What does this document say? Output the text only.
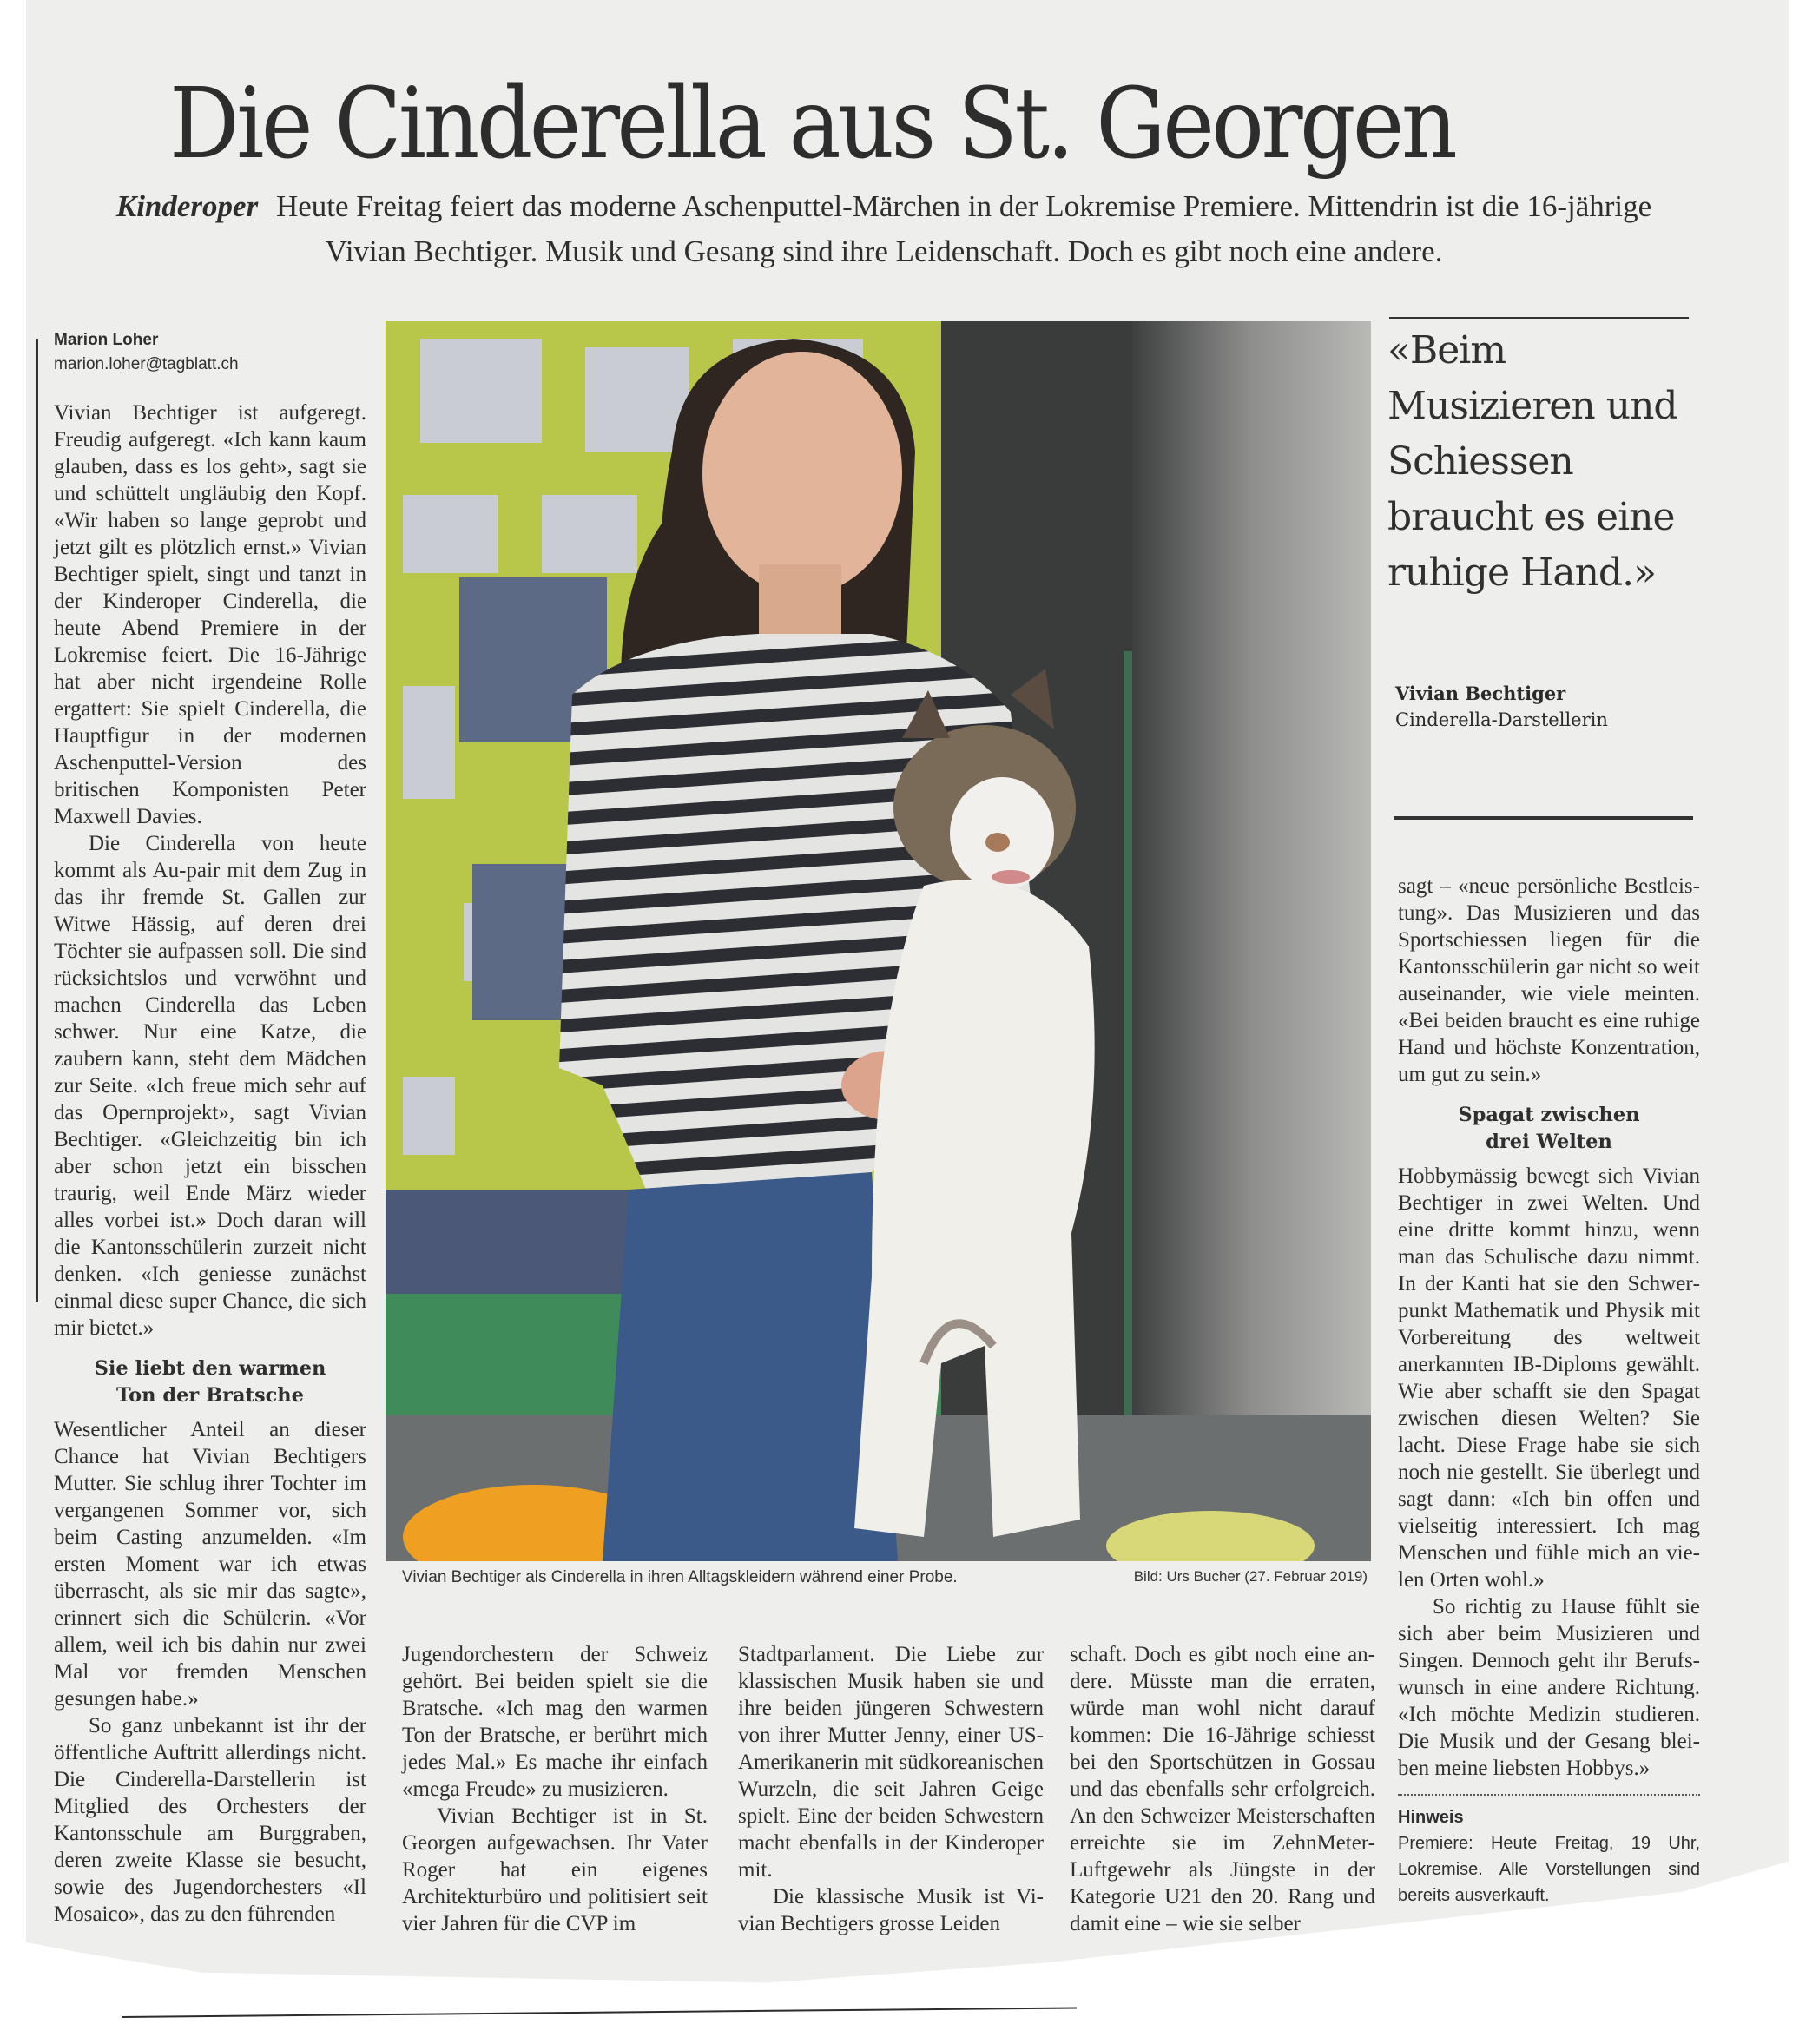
Die Cinderella aus St. Georgen
Kinderoper Heute Freitag feiert das moderne Aschenputtel-Märchen in der Lokremise Premiere. Mittendrin ist die 16-jährige Vivian Bechtiger. Musik und Gesang sind ihre Leidenschaft. Doch es gibt noch eine andere.
Marion Loher
marion.loher@tagblatt.ch

Vivian Bechtiger ist aufgeregt. Freudig aufgeregt. «Ich kann kaum glauben, dass es los geht», sagt sie und schüttelt ungläubig den Kopf. «Wir haben so lange geprobt und jetzt gilt es plötzlich ernst.» Vivian Bechtiger spielt, singt und tanzt in der Kinderoper Cinderella, die heute Abend Premiere in der Lokremise feiert. Die 16-Jährige hat aber nicht irgendeine Rolle ergattert: Sie spielt Cinderella, die Hauptfigur in der modernen Aschenputtel-Version des britischen Komponisten Peter Maxwell Davies.

Die Cinderella von heute kommt als Au-pair mit dem Zug in das ihr fremde St. Gallen zur Witwe Hässig, auf deren drei Töchter sie aufpassen soll. Die sind rücksichtslos und verwöhnt und machen Cinderella das Leben schwer. Nur eine Katze, die zaubern kann, steht dem Mädchen zur Seite. «Ich freue mich sehr auf das Opernprojekt», sagt Vivian Bechtiger. «Gleichzeitig bin ich aber schon jetzt ein bisschen traurig, weil Ende März wieder alles vorbei ist.» Doch daran will die Kantonsschülerin zurzeit nicht denken. «Ich geniesse zunächst einmal diese super Chance, die sich mir bietet.»

Sie liebt den warmen Ton der Bratsche

Wesentlicher Anteil an dieser Chance hat Vivian Bechtigers Mutter. Sie schlug ihrer Tochter im vergangenen Sommer vor, sich beim Casting anzumelden. «Im ersten Moment war ich etwas überrascht, als sie mir das sagte», erinnert sich die Schülerin. «Vor allem, weil ich bis dahin nur zwei Mal vor fremden Menschen gesungen habe.»

So ganz unbekannt ist ihr der öffentliche Auftritt allerdings nicht. Die Cinderella-Darstellerin ist Mitglied des Orchesters der Kantonsschule am Burggraben, deren zweite Klasse sie besucht, sowie des Jugendorchesters «Il Mosaico», das zu den führenden

Vivian Bechtiger als Cinderella in ihren Alltagskleidern während einer Probe.	Bild: Urs Bucher (27. Februar 2019)

Jugendorchestern der Schweiz gehört. Bei beiden spielt sie die Bratsche. «Ich mag den warmen Ton der Bratsche, er berührt mich jedes Mal.» Es mache ihr einfach «mega Freude» zu musizieren.

Vivian Bechtiger ist in St. Georgen aufgewachsen. Ihr Vater Roger hat ein eigenes Architekturbüro und politisiert seit vier Jahren für die CVP im

Stadtparlament. Die Liebe zur klassischen Musik haben sie und ihre beiden jüngeren Schwestern von ihrer Mutter Jenny, einer US-Amerikanerin mit südkoreanischen Wurzeln, die seit Jahren Geige spielt. Eine der beiden Schwestern macht ebenfalls in der Kinderoper mit.

Die klassische Musik ist Vivian Bechtigers grosse Leiden

schaft. Doch es gibt noch eine andere. Müsste man die erraten, würde man wohl nicht darauf kommen: Die 16-Jährige schiesst bei den Sportschützen in Gossau und das ebenfalls sehr erfolgreich. An den Schweizer Meisterschaften erreichte sie im ZehnMeter-Luftgewehr als Jüngste in der Kategorie U21 den 20. Rang und damit eine – wie sie selber

«Beim Musizieren und Schiessen braucht es eine ruhige Hand.»
Vivian Bechtiger
Cinderella-Darstellerin

sagt – «neue persönliche Bestleistung». Das Musizieren und das Sportschiessen liegen für die Kantonsschülerin gar nicht so weit auseinander, wie viele meinten. «Bei beiden braucht es eine ruhige Hand und höchste Konzentration, um gut zu sein.»

Spagat zwischen drei Welten

Hobbymässig bewegt sich Vivian Bechtiger in zwei Welten. Und eine dritte kommt hinzu, wenn man das Schulische dazu nimmt. In der Kanti hat sie den Schwerpunkt Mathematik und Physik mit Vorbereitung des weltweit anerkannten IB-Diploms gewählt. Wie aber schafft sie den Spagat zwischen diesen Welten? Sie lacht. Diese Frage habe sie sich noch nie gestellt. Sie überlegt und sagt dann: «Ich bin offen und vielseitig interessiert. Ich mag Menschen und fühle mich an vielen Orten wohl.»

So richtig zu Hause fühlt sie sich aber beim Musizieren und Singen. Dennoch geht ihr Berufswunsch in eine andere Richtung. «Ich möchte Medizin studieren. Die Musik und der Gesang bleiben meine liebsten Hobbys.»

Hinweis
Premiere: Heute Freitag, 19 Uhr, Lokremise. Alle Vorstellungen sind bereits ausverkauft.
